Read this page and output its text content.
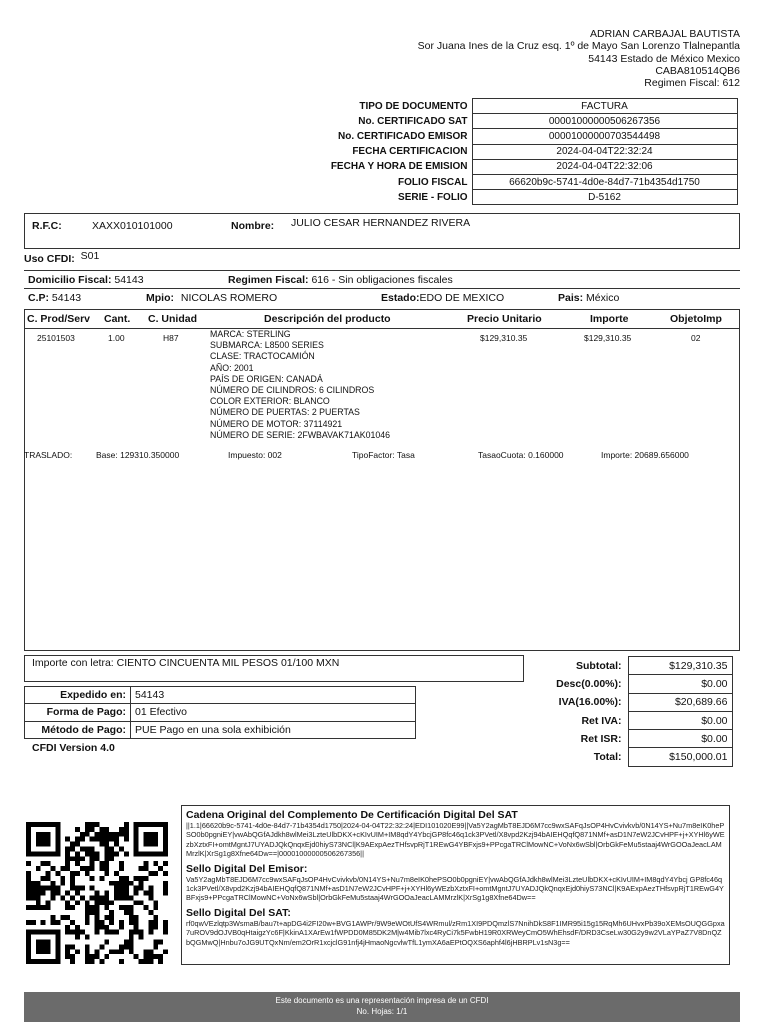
ADRIAN CARBAJAL BAUTISTA
Sor Juana Ines de la Cruz esq. 1º de Mayo San Lorenzo Tlalnepantla
54143 Estado de México Mexico
CABA810514QB6
Regimen Fiscal: 612
TIPO DE DOCUMENTO	FACTURA
No. CERTIFICADO SAT	00001000000506267356
No. CERTIFICADO EMISOR	00001000000703544498
FECHA CERTIFICACION	2024-04-04T22:32:24
FECHA Y HORA DE EMISION	2024-04-04T22:32:06
FOLIO FISCAL	66620b9c-5741-4d0e-84d7-71b4354d1750
SERIE - FOLIO	D-5162
R.F.C:	XAXX010101000	Nombre: JULIO CESAR HERNANDEZ RIVERA
Uso CFDI: S01
Domicilio Fiscal: 54143	Regimen Fiscal: 616 - Sin obligaciones fiscales
C.P: 54143	Mpio: NICOLAS ROMERO	Estado:EDO DE MEXICO	Pais: México
C. Prod/Serv Cant. C. Unidad	Descripción del producto	Precio Unitario	Importe	ObjetoImp
25101503	1.00	H87	MARCA: STERLING
SUBMARCA: L8500 SERIES
CLASE: TRACTOCAMIÓN
AÑO: 2001
PAÍS DE ORIGEN: CANADÁ
NÚMERO DE CILINDROS: 6 CILINDROS
COLOR EXTERIOR: BLANCO
NÚMERO DE PUERTAS: 2 PUERTAS
NÚMERO DE MOTOR: 37114921
NÚMERO DE SERIE: 2FWBAVAK71AK01046
$129,310.35	$129,310.35	02
TRASLADO:	Base: 129310.350000	Impuesto: 002	TipoFactor: Tasa	TasaoCuota: 0.160000	Importe: 20689.656000
Importe con letra: CIENTO CINCUENTA MIL PESOS 01/100 MXN
Expedido en:	54143
Forma de Pago:	01 Efectivo
Método de Pago:	PUE Pago en una sola exhibición
CFDI Version 4.0
Subtotal:	$129,310.35
Desc(0.00%):	$0.00
IVA(16.00%):	$20,689.66
Ret IVA:	$0.00
Ret ISR:	$0.00
Total:	$150,000.01
Cadena Original del Complemento De Certificación Digital Del SAT
||1.1|66620b9c-5741-4d0e-84d7-71b4354d1750|2024-04-04T22:32:24|EDI101020E99||Va5Y2agMbT8EJD6M7cc9wxSAFqJsOP4HvCvivkvb/0N14YS+Nu7m8eIK0hePSO0b0pgniEY|vwAbQGfAJdkh8wlMei3LzteUlbDKX+cKIvUIM+IM8qdY4YbcjGP8fc46q1ck3PVetl/X8vpd2Kzj94bAIEHQqfQ871NMf+asD1N7eW2JCvHPF+j+XYHl6yWEzbXztxFI+omtMgntJ7UYADJQkQnqxEjd0hiyS73NCl|K9AExpAezTHfsvpRjT1REwG4YBFxjs9+PPcgaTRClMowNC+VoNx6wSbl|OrbGkFeMu5staaj4WrGOOaJeacLAMMrzlK|XrSg1g8Xfne64Dw==|00001000000506267356||
Sello Digital Del Emisor:
Va5Y2agMbT8EJD6M7cc9wxSAFqJsOP4HvCvivkvb/0N14YS+Nu7m8eIK0hePSO0b0pgniEY|vwAbQGfAJdkh8wlMei3LzteUlbDKX+cKIvUIM+IM8qdY4Ybcj GP8fc46q1ck3PVetl/X8vpd2Kzj94bAIEHQqfQ871NMf+asD1N7eW2JCvHPF+j+XYHl6yWEzbXztxFI+omtMgntJ7UYADJQkQnqxEjd0hiyS73NCl|K9AExpAezTHfsvpRjT1REwG4YBFxjs9+PPcgaTRClMowNC+VoNx6wSbl|OrbGkFeMu5staaj4WrGOOaJeacLAMMrzlK|XrSg1g8Xfne64Dw==
Sello Digital Del SAT:
rf0qwVEzlqtp3WsmaB/bau7t+apDG4i2FI20w+BVG1AWPr/9W9eWOtUfS4WRmul/zRm1XI9PDQmzlS7NnihDkS8F1IMR95i15g15RqMh6UHvxPb39oXEMsOUQGGpxa7uROV9dOJVB0qHtaigzYc6F|KkinA1XArEw1fWPDD0M85DK2M|w4Mib7lxc4RyCi7k5FwbH19R0XRWeyCmO5WhEhsdF/DRD3CseLw30G2y9w2VLaYPaZ7V8DnQZbQGMwQ|Hnbu7oJG9UTQxNm/em2OrR1xcjclG91nfj4jHmaoNgcvlwTfL1ymXA6aEPtOQXS6aphf4l6jHBRPLv1sN3g==
Este documento es una representación impresa de un CFDI
No. Hojas: 1/1
